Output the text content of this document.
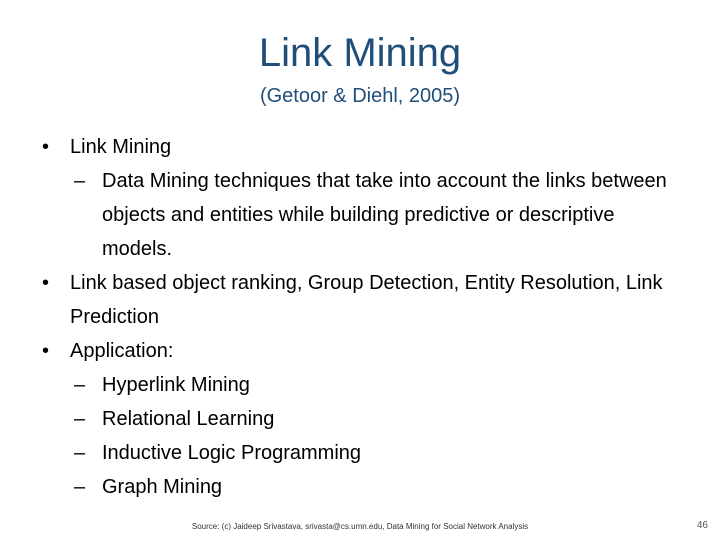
Link Mining
(Getoor & Diehl, 2005)
• Link Mining
– Data Mining techniques that take into account the links between objects and entities while building predictive or descriptive models.
• Link based object ranking, Group Detection, Entity Resolution, Link Prediction
• Application:
– Hyperlink Mining
– Relational Learning
– Inductive Logic Programming
– Graph Mining
Source: (c) Jaideep Srivastava, srivasta@cs.umn.edu, Data Mining for Social Network Analysis	46
